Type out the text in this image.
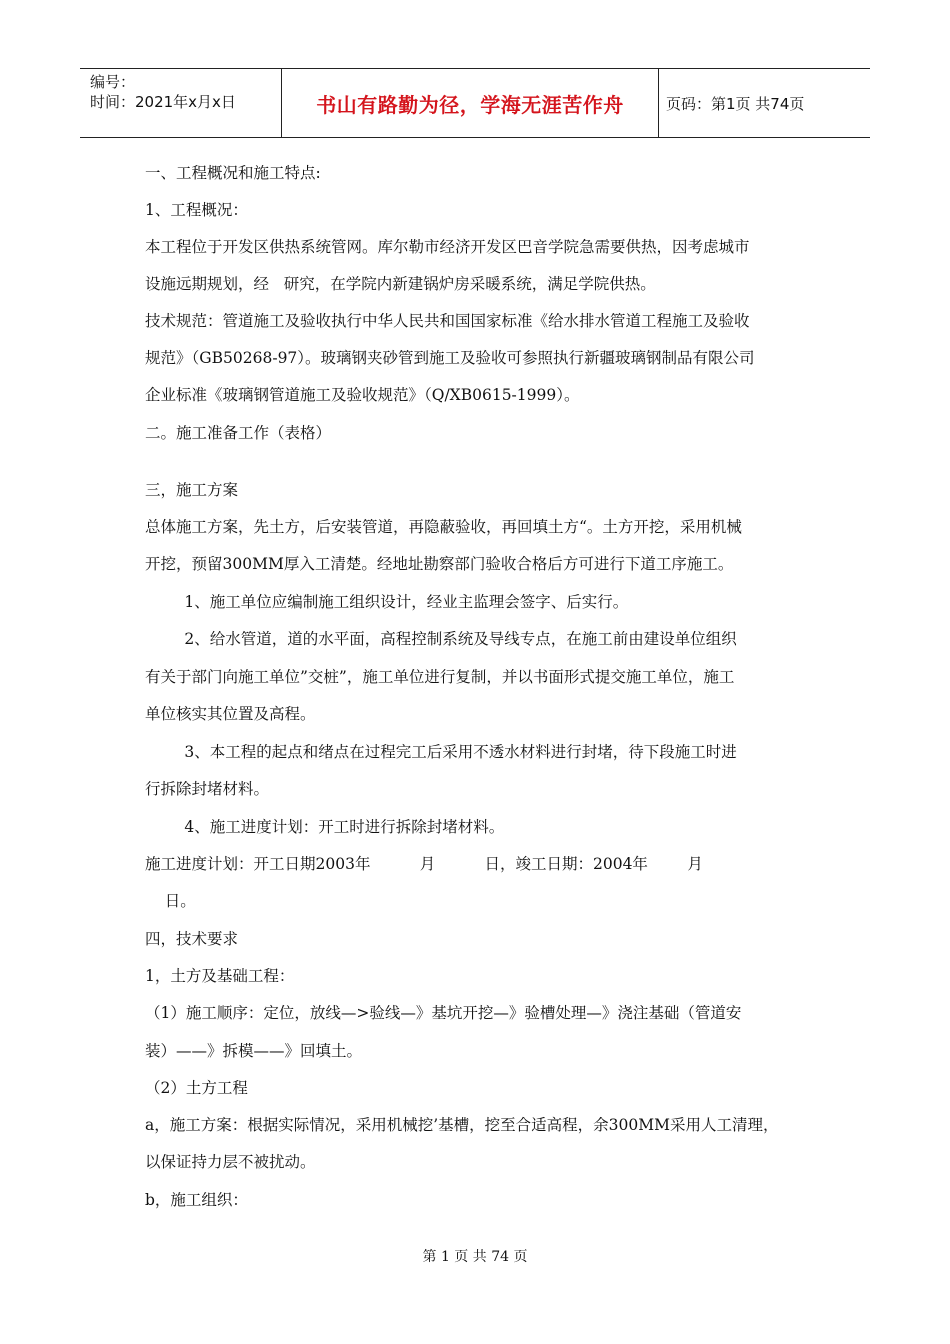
编号：
时间：2021年x月x日	书山有路勤为径，学海无涯苦作舟	页码：第1页 共74页
一、工程概况和施工特点:
1、工程概况：
本工程位于开发区供热系统管网。库尔勒市经济开发区巴音学院急需要供热，因考虑城市
设施远期规划，经   研究，在学院内新建锅炉房采暖系统，满足学院供热。
技术规范：管道施工及验收执行中华人民共和国国家标准《给水排水管道工程施工及验收
规范》（GB50268-97）。玻璃钢夹砂管到施工及验收可参照执行新疆玻璃钢制品有限公司
企业标准《玻璃钢管道施工及验收规范》（Q/XB0615-1999）。
二。施工准备工作（表格）
三，施工方案
总体施工方案，先土方，后安装管道，再隐蔽验收，再回填土方“。土方开挖，采用机械
开挖，预留300MM厚入工清楚。经地址勘察部门验收合格后方可进行下道工序施工。
1、施工单位应编制施工组织设计，经业主监理会签字、后实行。
2、给水管道，道的水平面，高程控制系统及导线专点，在施工前由建设单位组织
有关于部门向施工单位”交桩”，施工单位进行复制，并以书面形式提交施工单位，施工
单位核实其位置及高程。
3、本工程的起点和绪点在过程完工后采用不透水材料进行封堵，待下段施工时进
行拆除封堵材料。
4、施工进度计划：开工时进行拆除封堵材料。
施工进度计划：开工日期2003年          月          日，竣工日期：2004年        月
日。
四，技术要求
1，土方及基础工程：
（1）施工顺序：定位，放线—>验线—》基坑开挖—》验槽处理—》浇注基础（管道安
装）——》拆模——》回填土。
（2）土方工程
a，施工方案：根据实际情况，采用机械挖’基槽，挖至合适高程，余300MM采用人工清理，
以保证持力层不被扰动。
b，施工组织：
第 1 页 共 74 页
